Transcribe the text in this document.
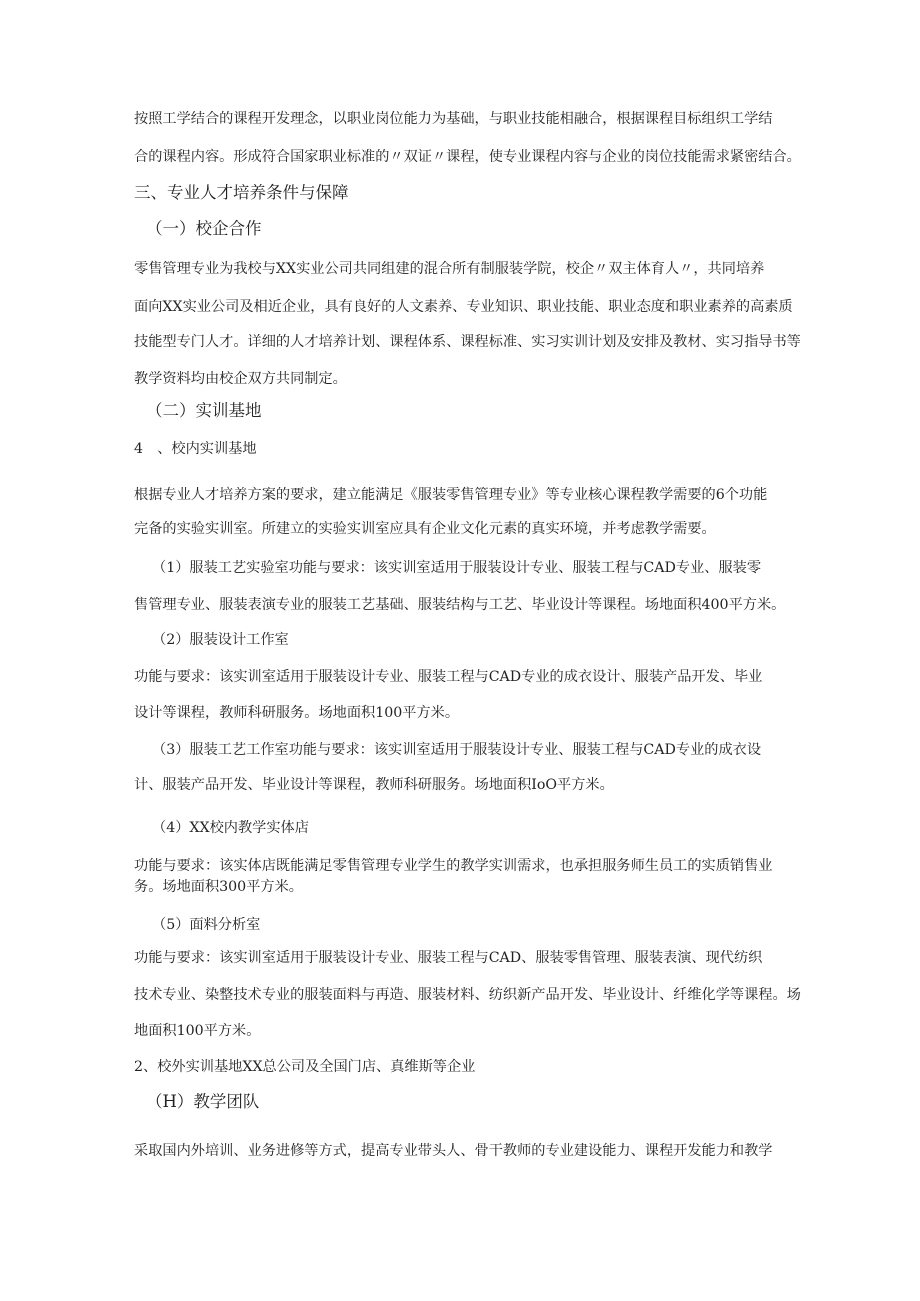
按照工学结合的课程开发理念，以职业岗位能力为基础，与职业技能相融合，根据课程目标组织工学结

合的课程内容。形成符合国家职业标准的〃双证〃课程，使专业课程内容与企业的岗位技能需求紧密结合。

三、专业人才培养条件与保障

（一）校企合作

零售管理专业为我校与XX实业公司共同组建的混合所有制服装学院，校企〃双主体育人〃，共同培养

面向XX实业公司及相近企业，具有良好的人文素养、专业知识、职业技能、职业态度和职业素养的高素质

技能型专门人才。详细的人才培养计划、课程体系、课程标准、实习实训计划及安排及教材、实习指导书等

教学资料均由校企双方共同制定。

（二）实训基地

4　、校内实训基地

根据专业人才培养方案的要求，建立能满足《服装零售管理专业》等专业核心课程教学需要的6个功能

完备的实验实训室。所建立的实验实训室应具有企业文化元素的真实环境，并考虑教学需要。

（1）服装工艺实验室功能与要求：该实训室适用于服装设计专业、服装工程与CAD专业、服装零

售管理专业、服装表演专业的服装工艺基础、服装结构与工艺、毕业设计等课程。场地面积400平方米。

（2）服装设计工作室

功能与要求：该实训室适用于服装设计专业、服装工程与CAD专业的成衣设计、服装产品开发、毕业

设计等课程，教师科研服务。场地面积100平方米。

（3）服装工艺工作室功能与要求：该实训室适用于服装设计专业、服装工程与CAD专业的成衣设

计、服装产品开发、毕业设计等课程，教师科研服务。场地面积IoO平方米。

（4）XX校内教学实体店

功能与要求：该实体店既能满足零售管理专业学生的教学实训需求，也承担服务师生员工的实质销售业

务。场地面积300平方米。

（5）面料分析室

功能与要求：该实训室适用于服装设计专业、服装工程与CAD、服装零售管理、服装表演、现代纺织

技术专业、染整技术专业的服装面料与再造、服装材料、纺织新产品开发、毕业设计、纤维化学等课程。场

地面积100平方米。

2、校外实训基地XX总公司及全国门店、真维斯等企业

（H）教学团队

采取国内外培训、业务进修等方式，提高专业带头人、骨干教师的专业建设能力、课程开发能力和教学
